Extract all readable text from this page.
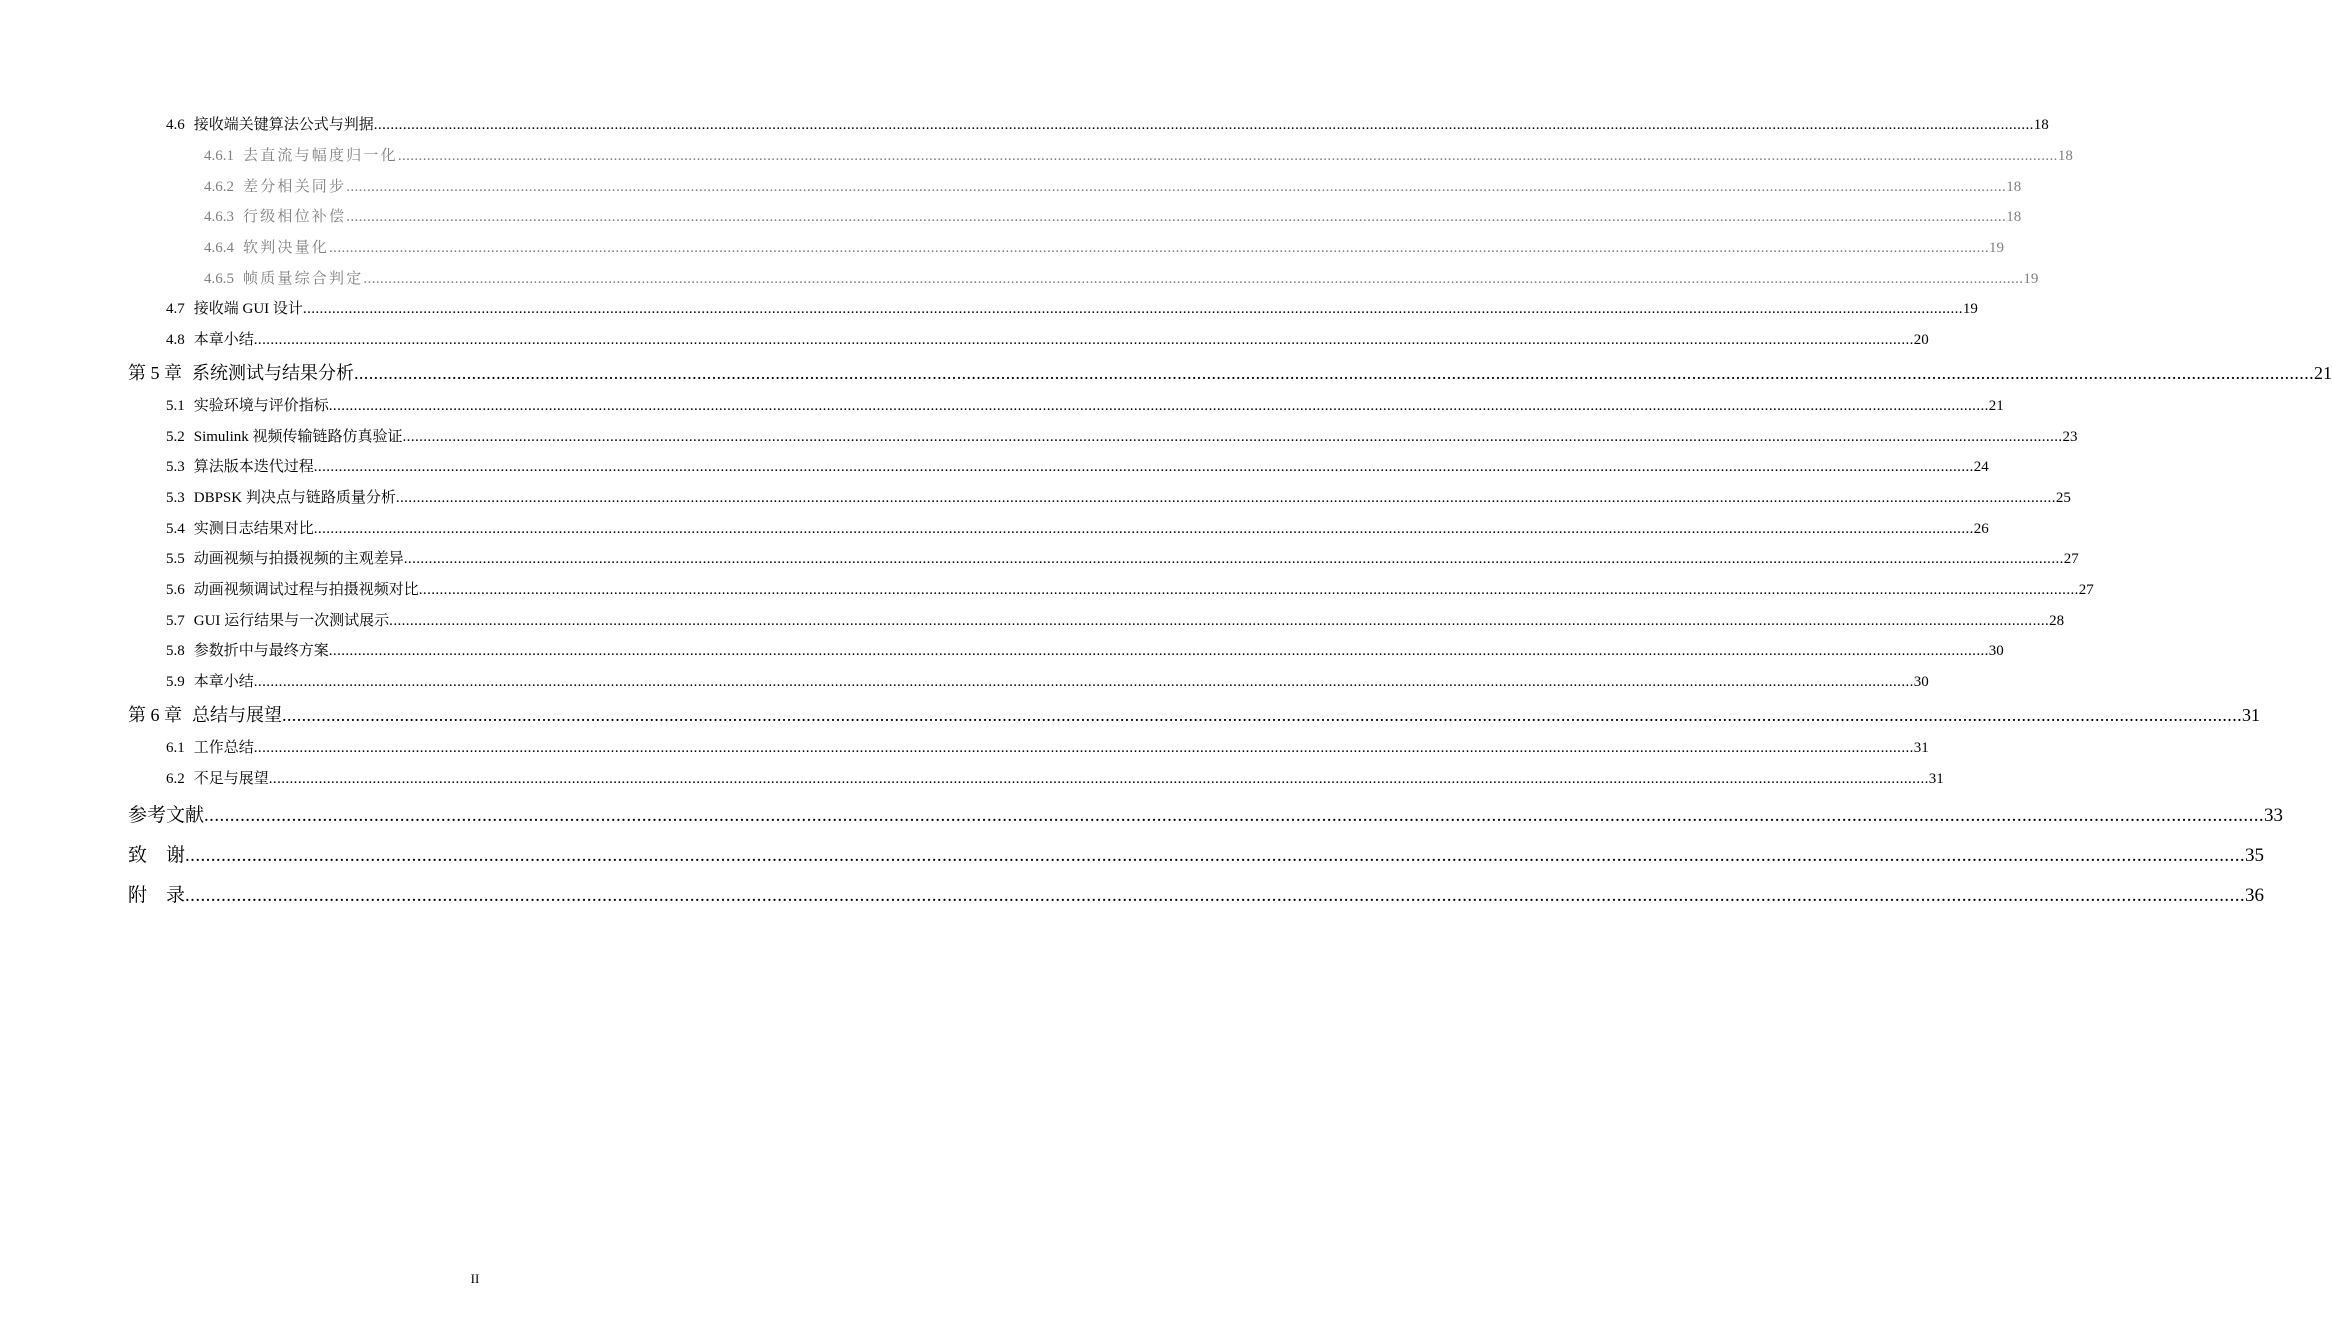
4.6 接收端关键算法公式与判据 ................................................................................................................................................................................................................................................................................................................................................................................................................ 18
4.6.1 去直流与幅度归一化 ................................................................................................................................................................................................................................................................................................................................................................................................................ 18
4.6.2 差分相关同步 ................................................................................................................................................................................................................................................................................................................................................................................................................ 18
4.6.3 行级相位补偿 ................................................................................................................................................................................................................................................................................................................................................................................................................ 18
4.6.4 软判决量化 ................................................................................................................................................................................................................................................................................................................................................................................................................ 19
4.6.5 帧质量综合判定 ................................................................................................................................................................................................................................................................................................................................................................................................................ 19
4.7 接收端 GUI 设计 ................................................................................................................................................................................................................................................................................................................................................................................................................ 19
4.8 本章小结 ................................................................................................................................................................................................................................................................................................................................................................................................................ 20
第 5 章 系统测试与结果分析 ................................................................................................................................................................................................................................................................................................................................................................................................................ 21
5.1 实验环境与评价指标 ................................................................................................................................................................................................................................................................................................................................................................................................................ 21
5.2 Simulink 视频传输链路仿真验证 ................................................................................................................................................................................................................................................................................................................................................................................................................ 23
5.3 算法版本迭代过程 ................................................................................................................................................................................................................................................................................................................................................................................................................ 24
5.3 DBPSK 判决点与链路质量分析 ................................................................................................................................................................................................................................................................................................................................................................................................................ 25
5.4 实测日志结果对比 ................................................................................................................................................................................................................................................................................................................................................................................................................ 26
5.5 动画视频与拍摄视频的主观差异 ................................................................................................................................................................................................................................................................................................................................................................................................................ 27
5.6 动画视频调试过程与拍摄视频对比 ................................................................................................................................................................................................................................................................................................................................................................................................................ 27
5.7 GUI 运行结果与一次测试展示 ................................................................................................................................................................................................................................................................................................................................................................................................................ 28
5.8 参数折中与最终方案 ................................................................................................................................................................................................................................................................................................................................................................................................................ 30
5.9 本章小结 ................................................................................................................................................................................................................................................................................................................................................................................................................ 30
第 6 章 总结与展望 ................................................................................................................................................................................................................................................................................................................................................................................................................ 31
6.1 工作总结 ................................................................................................................................................................................................................................................................................................................................................................................................................ 31
6.2 不足与展望 ................................................................................................................................................................................................................................................................................................................................................................................................................ 31
参考文献 ................................................................................................................................................................................................................................................................................................................................................................................................................ 33
致　谢 ................................................................................................................................................................................................................................................................................................................................................................................................................ 35
附　录 ................................................................................................................................................................................................................................................................................................................................................................................................................ 36
II
